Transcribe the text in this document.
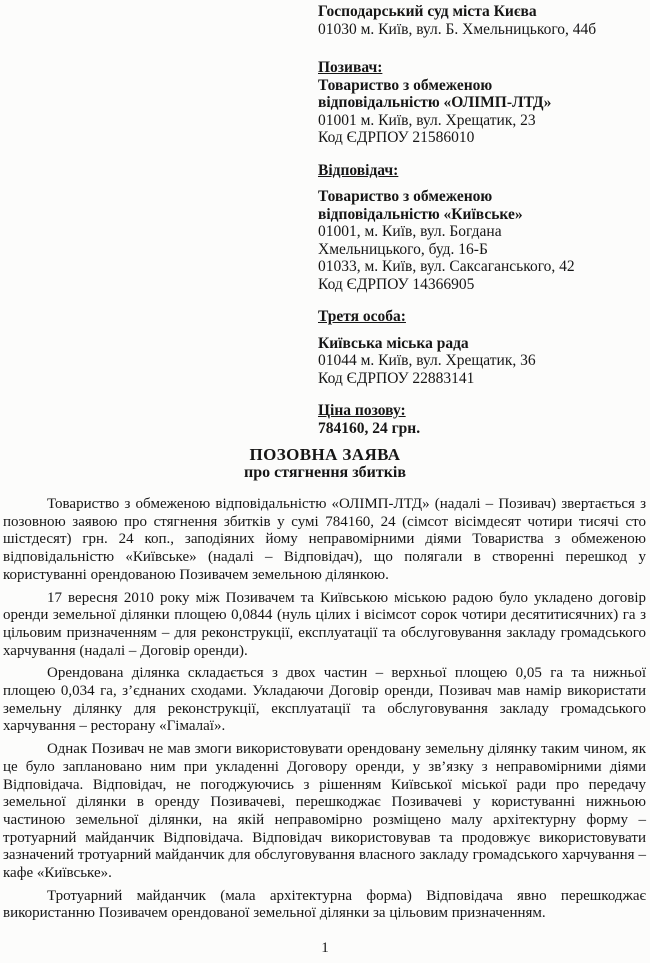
Господарський суд міста Києва
01030 м. Київ, вул. Б. Хмельницького, 44б
Позивач:
Товариство з обмеженою
відповідальністю «ОЛІМП-ЛТД»
01001 м. Київ, вул. Хрещатик, 23
Код ЄДРПОУ 21586010
Відповідач:
Товариство з обмеженою
відповідальністю «Київське»
01001, м. Київ, вул. Богдана
Хмельницького, буд. 16-Б
01033, м. Київ, вул. Саксаганського, 42
Код ЄДРПОУ 14366905
Третя особа:
Київська міська рада
01044 м. Київ, вул. Хрещатик, 36
Код ЄДРПОУ 22883141
Ціна позову:
784160, 24 грн.
ПОЗОВНА ЗАЯВА
про стягнення збитків

Товариство з обмеженою відповідальністю «ОЛІМП-ЛТД» (надалі – Позивач) звертається з позовною заявою про стягнення збитків у сумі 784160, 24 (сімсот вісімдесят чотири тисячі сто шістдесят) грн. 24 коп., заподіяних йому неправомірними діями Товариства з обмеженою відповідальністю «Київське» (надалі – Відповідач), що полягали в створенні перешкод у користуванні орендованою Позивачем земельною ділянкою.

17 вересня 2010 року між Позивачем та Київською міською радою було укладено договір оренди земельної ділянки площею 0,0844 (нуль цілих і вісімсот сорок чотири десятитисячних) га з цільовим призначенням – для реконструкції, експлуатації та обслуговування закладу громадського харчування (надалі – Договір оренди).

Орендована ділянка складається з двох частин – верхньої площею 0,05 га та нижньої площею 0,034 га, з’єднаних сходами. Укладаючи Договір оренди, Позивач мав намір використати земельну ділянку для реконструкції, експлуатації та обслуговування закладу громадського харчування – ресторану «Гімалаї».

Однак Позивач не мав змоги використовувати орендовану земельну ділянку таким чином, як це було заплановано ним при укладенні Договору оренди, у зв’язку з неправомірними діями Відповідача. Відповідач, не погоджуючись з рішенням Київської міської ради про передачу земельної ділянки в оренду Позивачеві, перешкоджає Позивачеві у користуванні нижньою частиною земельної ділянки, на якій неправомірно розміщено малу архітектурну форму – тротуарний майданчик Відповідача. Відповідач використовував та продовжує використовувати зазначений тротуарний майданчик для обслуговування власного закладу громадського харчування – кафе «Київське».

Тротуарний майданчик (мала архітектурна форма) Відповідача явно перешкоджає використанню Позивачем орендованої земельної ділянки за цільовим призначенням.

1
